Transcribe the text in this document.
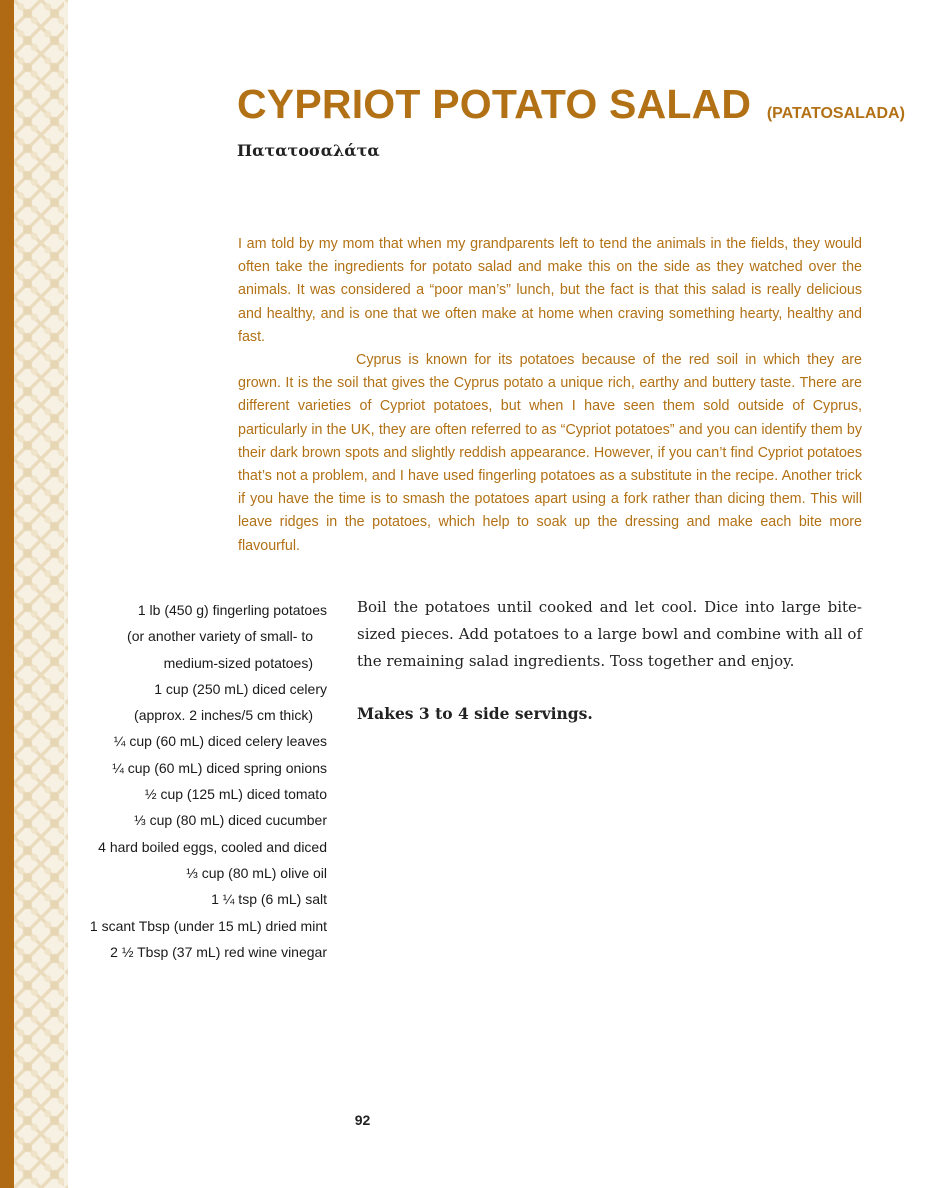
CYPRIOT POTATO SALAD (PATATOSALADA)
Πατατοσαλάτα

I am told by my mom that when my grandparents left to tend the animals in the fields, they would often take the ingredients for potato salad and make this on the side as they watched over the animals. It was considered a “poor man’s” lunch, but the fact is that this salad is really delicious and healthy, and is one that we often make at home when craving something hearty, healthy and fast.

Cyprus is known for its potatoes because of the red soil in which they are grown. It is the soil that gives the Cyprus potato a unique rich, earthy and buttery taste. There are different varieties of Cypriot potatoes, but when I have seen them sold outside of Cyprus, particularly in the UK, they are often referred to as “Cypriot potatoes” and you can identify them by their dark brown spots and slightly reddish appearance. However, if you can’t find Cypriot potatoes that’s not a problem, and I have used fingerling potatoes as a substitute in the recipe. Another trick if you have the time is to smash the potatoes apart using a fork rather than dicing them. This will leave ridges in the potatoes, which help to soak up the dressing and make each bite more flavourful.

1 lb (450 g) fingerling potatoes
(or another variety of small- to
medium-sized potatoes)
1 cup (250 mL) diced celery
(approx. 2 inches/5 cm thick)
¼ cup (60 mL) diced celery leaves
¼ cup (60 mL) diced spring onions
½ cup (125 mL) diced tomato
⅓ cup (80 mL) diced cucumber
4 hard boiled eggs, cooled and diced
⅓ cup (80 mL) olive oil
1 ¼ tsp (6 mL) salt
1 scant Tbsp (under 15 mL) dried mint
2 ½ Tbsp (37 mL) red wine vinegar

Boil the potatoes until cooked and let cool. Dice into large bite-sized pieces. Add potatoes to a large bowl and combine with all of the remaining salad ingredients. Toss together and enjoy.

Makes 3 to 4 side servings.

92
